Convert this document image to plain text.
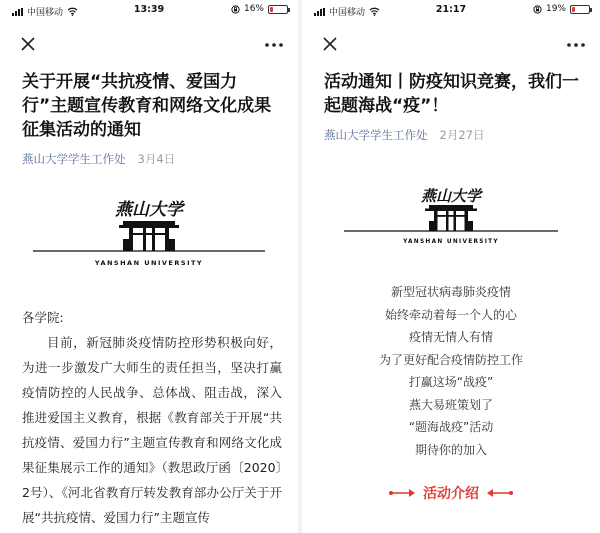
中国移动	13:39	16%
关于开展“共抗疫情、爱国力行”主题宣传教育和网络文化成果征集活动的通知
燕山大学学生工作处 3月4日
燕山大学
YANSHAN UNIVERSITY

各学院:

目前，新冠肺炎疫情防控形势积极向好，为进一步激发广大师生的责任担当，坚决打赢疫情防控的人民战争、总体战、阻击战，深入推进爱国主义教育，根据《教育部关于开展“共抗疫情、爱国力行”主题宣传教育和网络文化成果征集展示工作的通知》（教思政厅函〔2020〕2号）、《河北省教育厅转发教育部办公厅关于开展“共抗疫情、爱国力行”主题宣传

中国移动	21:17	19%
活动通知丨防疫知识竞赛，我们一起题海战“疫”！
燕山大学学生工作处 2月27日
燕山大学
YANSHAN UNIVERSITY
新型冠状病毒肺炎疫情
始终牵动着每一个人的心
疫情无情人有情
为了更好配合疫情防控工作
打赢这场“战疫”
燕大易班策划了
“题海战疫”活动
期待你的加入
活动介绍
